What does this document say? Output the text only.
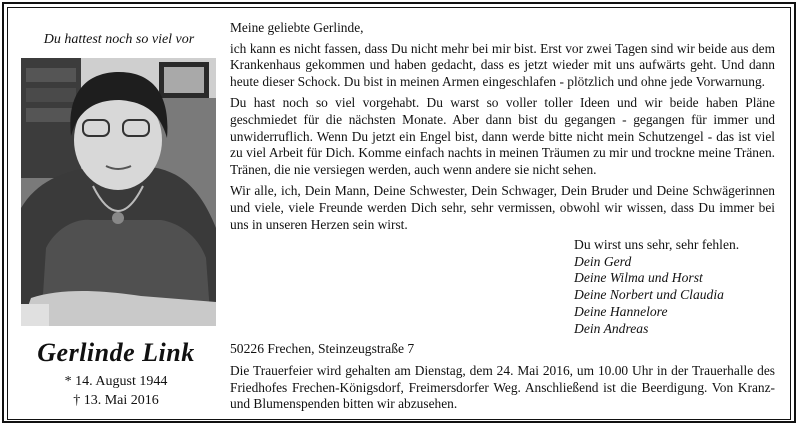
Du hattest noch so viel vor
Gerlinde Link
* 14. August 1944
† 13. Mai 2016

Meine geliebte Gerlinde,

ich kann es nicht fassen, dass Du nicht mehr bei mir bist. Erst vor zwei Tagen sind wir beide aus dem Krankenhaus gekommen und haben gedacht, dass es jetzt wieder mit uns aufwärts geht. Und dann heute dieser Schock. Du bist in meinen Armen eingeschlafen - plötzlich und ohne jede Vorwarnung.

Du hast noch so viel vorgehabt. Du warst so voller toller Ideen und wir beide haben Pläne geschmiedet für die nächsten Monate. Aber dann bist du gegangen - gegangen für immer und unwiderruflich. Wenn Du jetzt ein Engel bist, dann werde bitte nicht mein Schutzengel - das ist viel zu viel Arbeit für Dich. Komme einfach nachts in meinen Träumen zu mir und trockne meine Tränen. Tränen, die nie versiegen werden, auch wenn andere sie nicht sehen.

Wir alle, ich, Dein Mann, Deine Schwester, Dein Schwager, Dein Bruder und Deine Schwägerinnen und viele, viele Freunde werden Dich sehr, sehr vermissen, obwohl wir wissen, dass Du immer bei uns in unseren Herzen sein wirst.

Du wirst uns sehr, sehr fehlen.
Dein Gerd
Deine Wilma und Horst
Deine Norbert und Claudia
Deine Hannelore
Dein Andreas
50226 Frechen, Steinzeugstraße 7
Die Trauerfeier wird gehalten am Dienstag, dem 24. Mai 2016, um 10.00 Uhr in der Trauerhalle des Friedhofes Frechen-Königsdorf, Freimersdorfer Weg. Anschließend ist die Beerdigung. Von Kranz- und Blumenspenden bitten wir abzusehen.
